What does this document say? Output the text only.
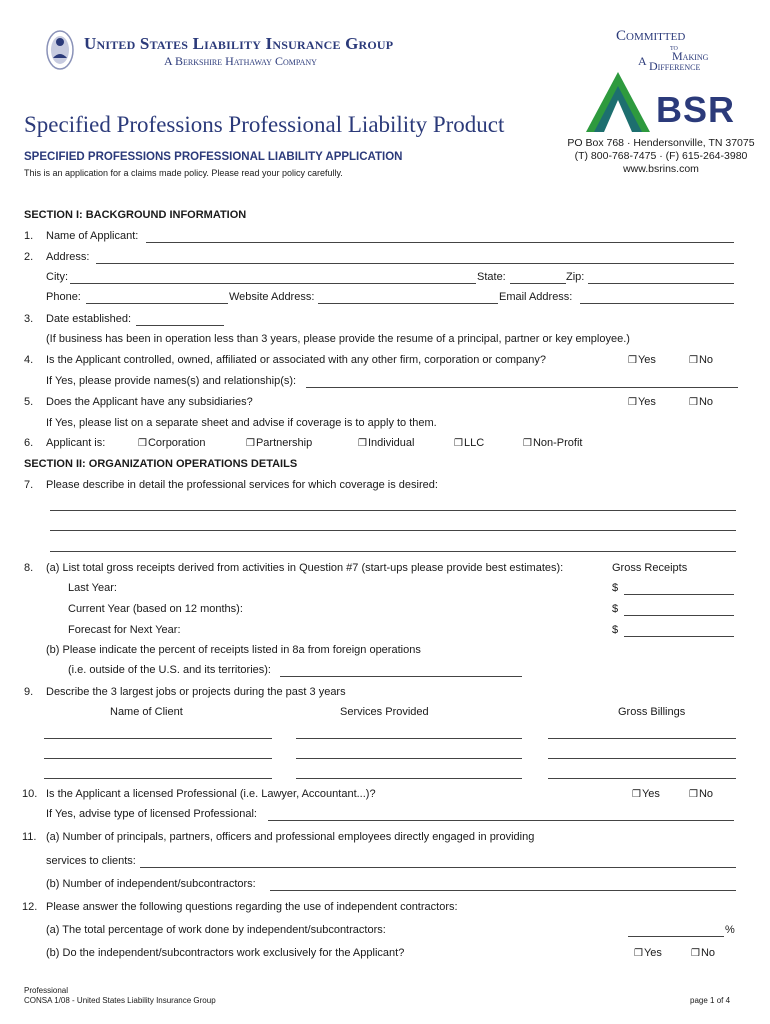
United States Liability Insurance Group
A Berkshire Hathaway Company
Committed
to
Making
A Difference
BSR
Specified Professions Professional Liability Product
PO Box 768 · Hendersonville, TN 37075
(T) 800-768-7475 · (F) 615-264-3980
www.bsrins.com
SPECIFIED PROFESSIONS PROFESSIONAL LIABILITY APPLICATION
This is an application for a claims made policy. Please read your policy carefully.
SECTION I: BACKGROUND INFORMATION
1. Name of Applicant:
2. Address:
City:	State:	Zip:
Phone:	Website Address:	Email Address:
3. Date established:
(If business has been in operation less than 3 years, please provide the resume of a principal, partner or key employee.)
4. Is the Applicant controlled, owned, affiliated or associated with any other firm, corporation or company?	❒ Yes	❒ No
If Yes, please provide names(s) and relationship(s):
5. Does the Applicant have any subsidiaries?	❒ Yes	❒ No
If Yes, please list on a separate sheet and advise if coverage is to apply to them.
6. Applicant is:	❒ Corporation	❒ Partnership	❒ Individual	❒ LLC	❒ Non-Profit
SECTION II: ORGANIZATION OPERATIONS DETAILS
7. Please describe in detail the professional services for which coverage is desired:
8. (a) List total gross receipts derived from activities in Question #7 (start-ups please provide best estimates):	Gross Receipts
Last Year:	$
Current Year (based on 12 months):	$
Forecast for Next Year:	$
(b) Please indicate the percent of receipts listed in 8a from foreign operations
(i.e. outside of the U.S. and its territories):
9. Describe the 3 largest jobs or projects during the past 3 years
Name of Client	Services Provided	Gross Billings
10. Is the Applicant a licensed Professional (i.e. Lawyer, Accountant...)?	❒ Yes	❒ No
If Yes, advise type of licensed Professional:
11. (a) Number of principals, partners, officers and professional employees directly engaged in providing
services to clients:
(b) Number of independent/subcontractors:
12. Please answer the following questions regarding the use of independent contractors:
(a) The total percentage of work done by independent/subcontractors:	%
(b) Do the independent/subcontractors work exclusively for the Applicant?	❒ Yes	❒ No
Professional
CONSA 1/08 - United States Liability Insurance Group	page 1 of 4
